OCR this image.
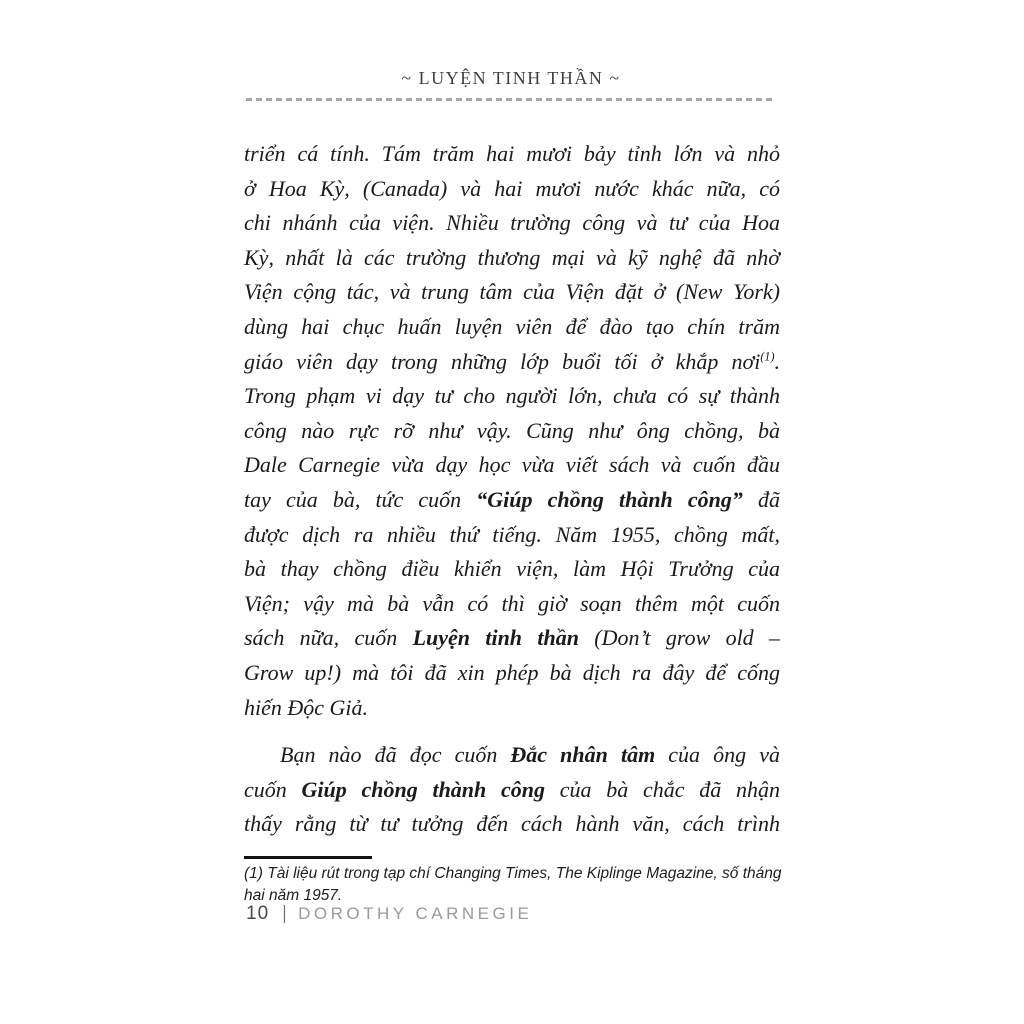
~ LUYỆN TINH THẦN ~
triển cá tính. Tám trăm hai mươi bảy tỉnh lớn và nhỏ
ở Hoa Kỳ, (Canada) và hai mươi nước khác nữa, có
chi nhánh của viện. Nhiều trường công và tư của Hoa
Kỳ, nhất là các trường thương mại và kỹ nghệ đã nhờ
Viện cộng tác, và trung tâm của Viện đặt ở (New York)
dùng hai chục huấn luyện viên để đào tạo chín trăm
giáo viên dạy trong những lớp buổi tối ở khắp nơi$^{(1)}$.
Trong phạm vi dạy tư cho người lớn, chưa có sự thành
công nào rực rỡ như vậy. Cũng như ông chồng, bà
Dale Carnegie vừa dạy học vừa viết sách và cuốn đầu
tay của bà, tức cuốn “Giúp chồng thành công” đã
được dịch ra nhiều thứ tiếng. Năm 1955, chồng mất,
bà thay chồng điều khiển viện, làm Hội Trưởng của
Viện; vậy mà bà vẫn có thì giờ soạn thêm một cuốn
sách nữa, cuốn Luyện tinh thần (Don’t grow old –
Grow up!) mà tôi đã xin phép bà dịch ra đây để cống
hiến Độc Giả.
Bạn nào đã đọc cuốn Đắc nhân tâm của ông và
cuốn Giúp chồng thành công của bà chắc đã nhận
thấy rằng từ tư tưởng đến cách hành văn, cách trình
(1) Tài liệu rút trong tạp chí Changing Times, The Kiplinge Magazine, số tháng hai năm 1957.
10 | DOROTHY CARNEGIE
